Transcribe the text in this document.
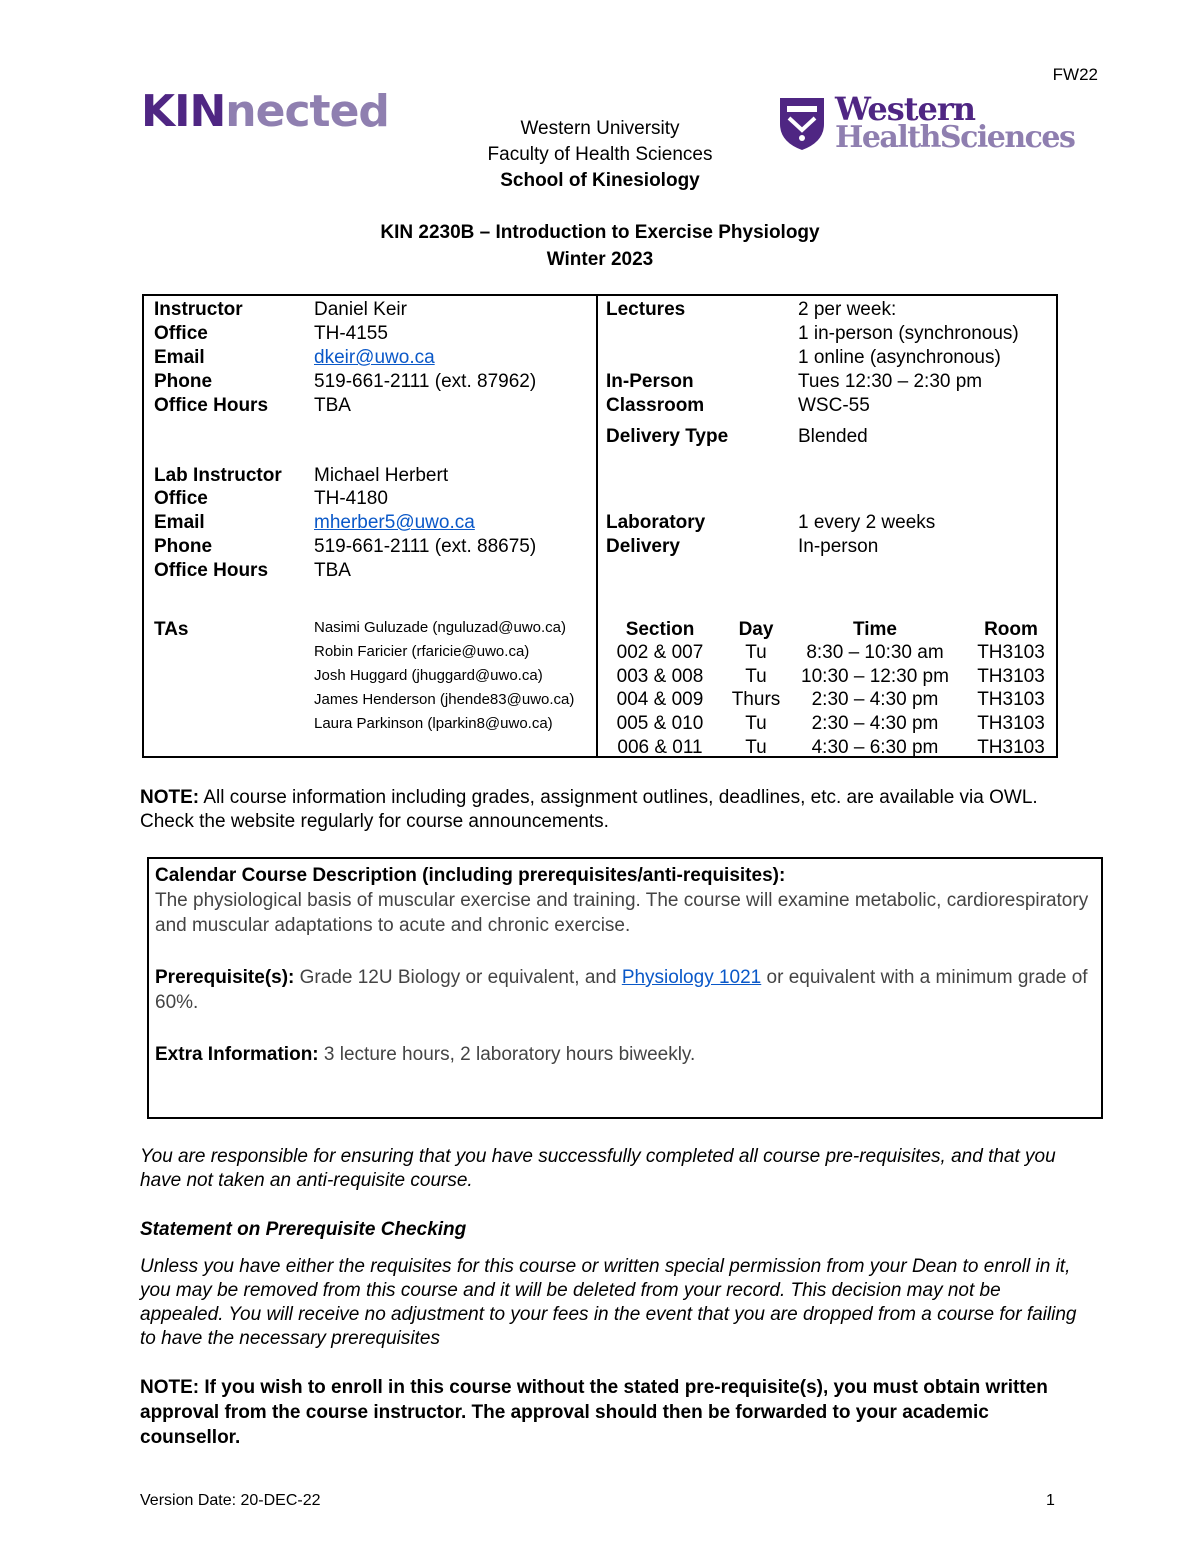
FW22
KINnected	Western University
Faculty of Health Sciences
School of Kinesiology
Western
HealthSciences
KIN 2230B – Introduction to Exercise Physiology
Winter 2023
Instructor	Daniel Keir
Office	TH-4155
Email	dkeir@uwo.ca
Phone	519-661-2111 (ext. 87962)
Office Hours TBA
Lab Instructor Michael Herbert
Office	TH-4180
Email	mherber5@uwo.ca
Phone	519-661-2111 (ext. 88675)
Office Hours TBA
TAs	Nasimi Guluzade (nguluzad@uwo.ca)
Robin Faricier (rfaricie@uwo.ca)
Josh Huggard (jhuggard@uwo.ca)
James Henderson (jhende83@uwo.ca)
Laura Parkinson (lparkin8@uwo.ca)
Lectures	2 per week:
1 in-person (synchronous)
1 online (asynchronous)
In-Person	Tues 12:30 – 2:30 pm
Classroom	WSC-55
Delivery Type	Blended
Laboratory	1 every 2 weeks
Delivery	In-person
Section	Day	Time	Room
002 & 007	Tu	8:30 – 10:30 am	TH3103
003 & 008	Tu	10:30 – 12:30 pm	TH3103
004 & 009	Thurs	2:30 – 4:30 pm	TH3103
005 & 010	Tu	2:30 – 4:30 pm	TH3103
006 & 011	Tu	4:30 – 6:30 pm	TH3103
NOTE: All course information including grades, assignment outlines, deadlines, etc. are available via OWL. Check the website regularly for course announcements.

Calendar Course Description (including prerequisites/anti-requisites):

The physiological basis of muscular exercise and training. The course will examine metabolic, cardiorespiratory and muscular adaptations to acute and chronic exercise.

Prerequisite(s): Grade 12U Biology or equivalent, and Physiology 1021 or equivalent with a minimum grade of 60%.

Extra Information: 3 lecture hours, 2 laboratory hours biweekly.

You are responsible for ensuring that you have successfully completed all course pre-requisites, and that you have not taken an anti-requisite course.
Statement on Prerequisite Checking
Unless you have either the requisites for this course or written special permission from your Dean to enroll in it, you may be removed from this course and it will be deleted from your record. This decision may not be appealed. You will receive no adjustment to your fees in the event that you are dropped from a course for failing to have the necessary prerequisites
NOTE: If you wish to enroll in this course without the stated pre-requisite(s), you must obtain written approval from the course instructor. The approval should then be forwarded to your academic counsellor.
Version Date: 20-DEC-22	1
